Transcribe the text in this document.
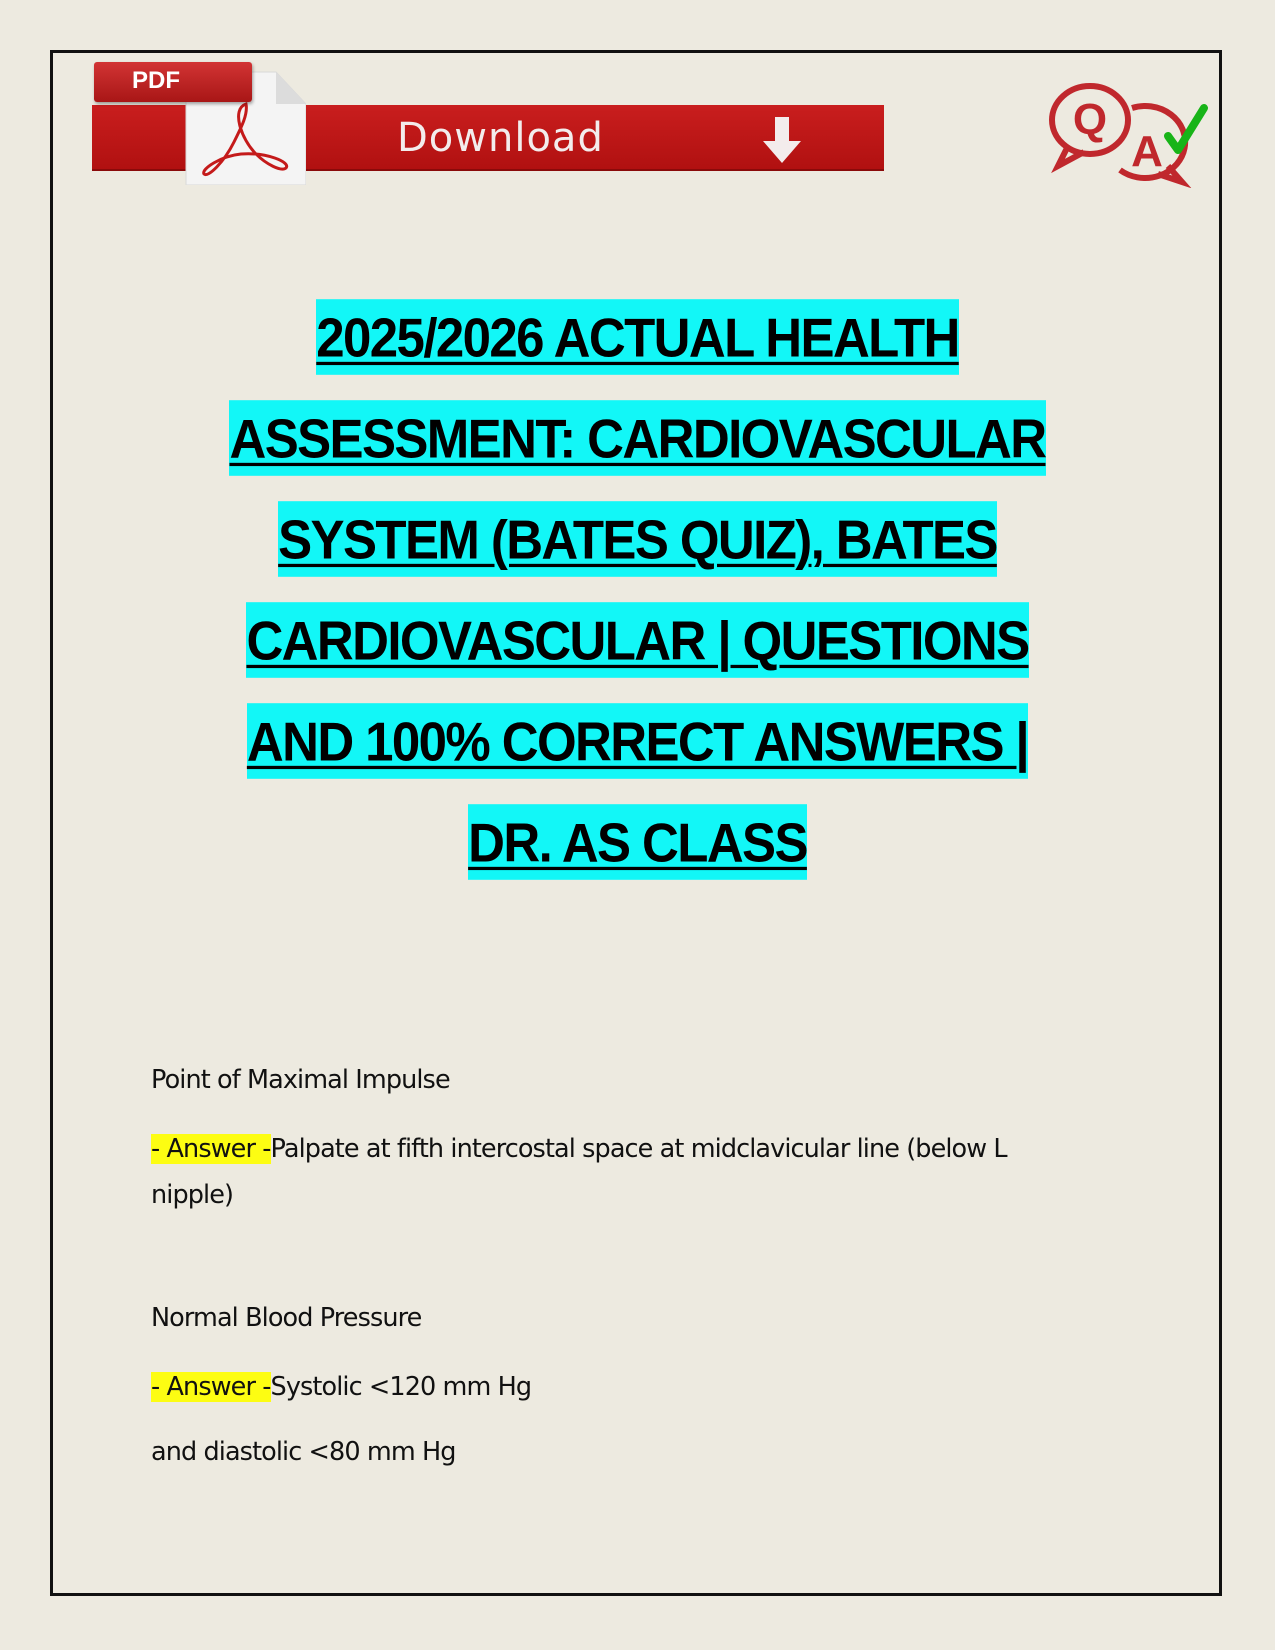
PDF
Download	Q
A
2025/2026 ACTUAL HEALTH
ASSESSMENT: CARDIOVASCULAR
SYSTEM (BATES QUIZ), BATES
CARDIOVASCULAR | QUESTIONS
AND 100% CORRECT ANSWERS |
DR. AS CLASS
Point of Maximal Impulse
- Answer -Palpate at fifth intercostal space at midclavicular line (below L
nipple)
Normal Blood Pressure
- Answer -Systolic <120 mm Hg
and diastolic <80 mm Hg
